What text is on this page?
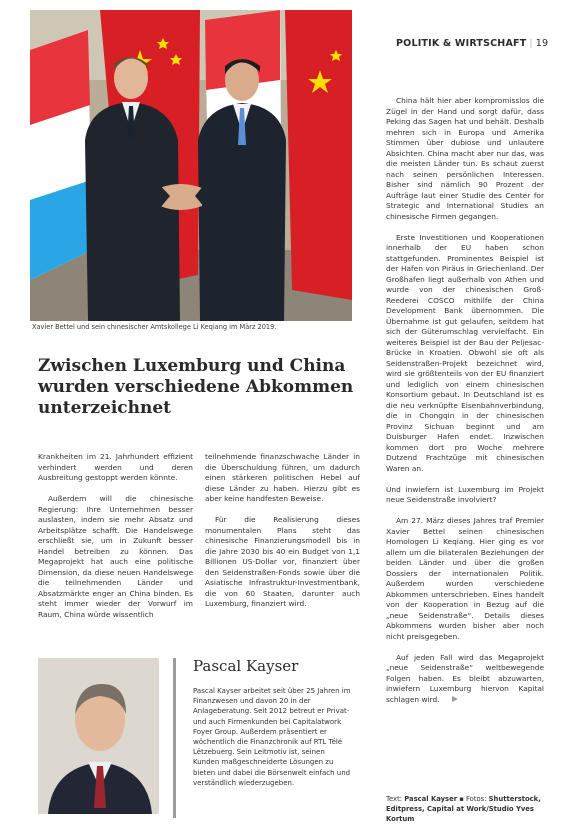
POLITIK & WIRTSCHAFT | 19
Xavier Bettel und sein chinesischer Amtskollege Li Keqiang im März 2019.
Zwischen Luxemburg und China wurden verschiedene Abkommen unterzeichnet

Krankheiten im 21. Jahrhundert effizient verhindert werden und deren Ausbreitung gestoppt werden könnte.

Außerdem will die chinesische Regierung: Ihre Unternehmen besser auslasten, indem sie mehr Absatz und Arbeitsplätze schafft. Die Handelswege erschließt sie, um in Zukunft besser Handel betreiben zu können. Das Megaprojekt hat auch eine politische Dimension, da diese neuen Handelswege die teilnehmenden Länder und Absatzmärkte enger an China binden. Es steht immer wieder der Vorwurf im Raum, China würde wissentlich

teilnehmende finanzschwache Länder in die Überschuldung führen, um dadurch einen stärkeren politischen Hebel auf diese Länder zu haben. Hierzu gibt es aber keine handfesten Beweise.

Für die Realisierung dieses monumentalen Plans steht das chinesische Finanzierungsmodell bis in die Jahre 2030 bis 40 ein Budget von 1,1 Billionen US-Dollar vor, finanziert über den Seidenstraßen-Fonds sowie über die Asiatische Infrastruktur-Investmentbank, die von 60 Staaten, darunter auch Luxemburg, finanziert wird.

China hält hier aber kompromisslos die Zügel in der Hand und sorgt dafür, dass Peking das Sagen hat und behält. Deshalb mehren sich in Europa und Amerika Stimmen über dubiose und unlautere Absichten. China macht aber nur das, was die meisten Länder tun. Es schaut zuerst nach seinen persönlichen Interessen. Bisher sind nämlich 90 Prozent der Aufträge laut einer Studie des Center for Strategic and International Studies an chinesische Firmen gegangen.

Erste Investitionen und Kooperationen innerhalb der EU haben schon stattgefunden. Prominentes Beispiel ist der Hafen von Piräus in Griechenland. Der Großhafen liegt außerhalb von Athen und wurde von der chinesischen Groß-Reederei COSCO mithilfe der China Development Bank übernommen. Die Übernahme ist gut gelaufen, seitdem hat sich der Güterumschlag vervielfacht. Ein weiteres Beispiel ist der Bau der Peljesac-Brücke in Kroatien. Obwohl sie oft als Seidenstraßen-Projekt bezeichnet wird, wird sie größtenteils von der EU finanziert und lediglich von einem chinesischen Konsortium gebaut. In Deutschland ist es die neu verknüpfte Eisenbahnverbindung, die in Chongqin in der chinesischen Provinz Sichuan beginnt und am Duisburger Hafen endet. Inzwischen kommen dort pro Woche mehrere Dutzend Frachtzüge mit chinesischen Waren an.

Und inwiefern ist Luxemburg im Projekt neue Seidenstraße involviert?

Am 27. März dieses Jahres traf Premier Xavier Bettel seinen chinesischen Homologen Li Keqiang. Hier ging es vor allem um die bilateralen Beziehungen der beiden Länder und über die großen Dossiers der internationalen Politik. Außerdem wurden verschiedene Abkommen unterschrieben. Eines handelt von der Kooperation in Bezug auf die „neue Seidenstraße“. Details dieses Abkommens wurden bisher aber noch nicht preisgegeben.

Auf jeden Fall wird das Megaprojekt „neue Seidenstraße“ weltbewegende Folgen haben. Es bleibt abzuwarten, inwiefern Luxemburg hiervon Kapital schlagen wird.

Pascal Kayser
Pascal Kayser arbeitet seit über 25 Jahren im Finanzwesen und davon 20 in der Anlageberatung. Seit 2012 betreut er Privat- und auch Firmenkunden bei Capitalatwork Foyer Group. Außerdem präsentiert er wöchentlich die Finanzchronik auf RTL Télé Lëtzebuerg. Sein Leitmotiv ist, seinen Kunden maßgeschneiderte Lösungen zu bieten und dabei die Börsenwelt einfach und verständlich wiederzugeben.
Text: Pascal Kayser ▪ Fotos: Shutterstock, Editpress, Capital at Work/Studio Yves Kortum
